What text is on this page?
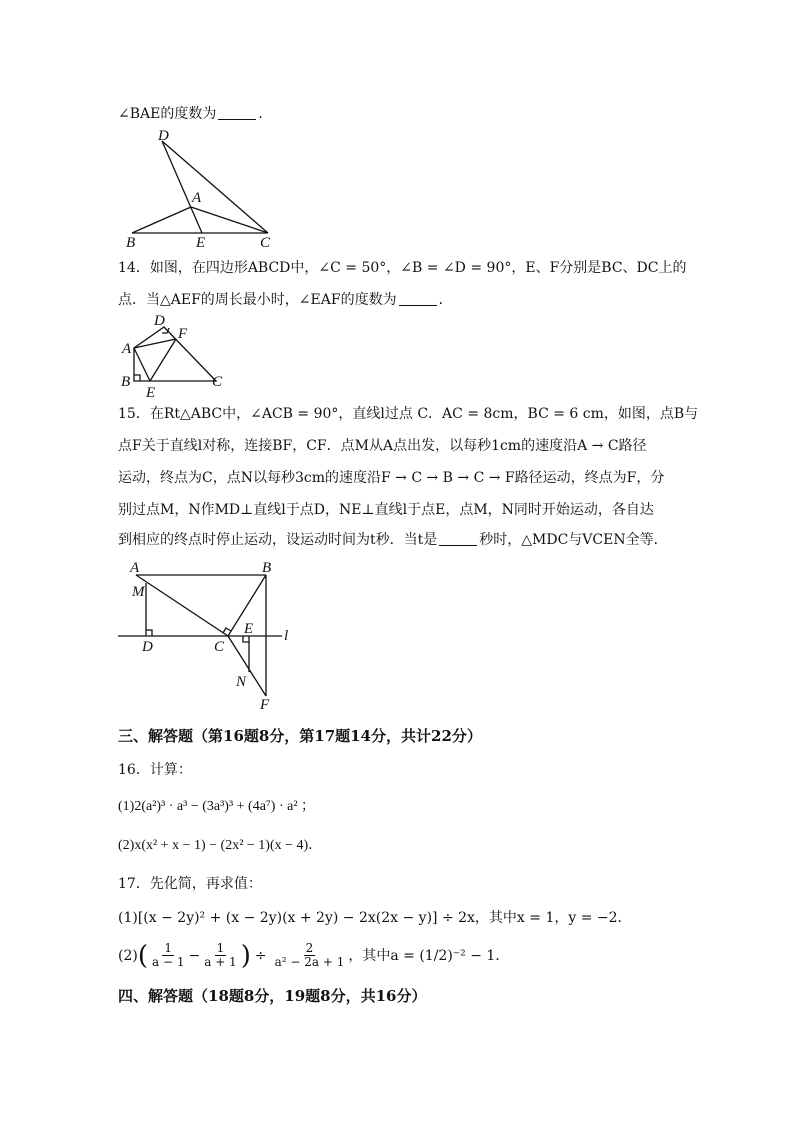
∠BAE的度数为	.
D
A
B	E	C
14．如图，在四边形ABCD中，∠C = 50°，∠B = ∠D = 90°，E、F分别是BC、DC上的
点．当△AEF的周长最小时，∠EAF的度数为	．
D
F
A
B
E
C
15．在Rt△ABC中，∠ACB = 90°，直线l过点 C．AC = 8cm，BC = 6 cm，如图，点B与
点F关于直线l对称，连接BF，CF．点M从A点出发，以每秒1cm的速度沿A → C路径
运动，终点为C，点N以每秒3cm的速度沿F → C → B → C → F路径运动，终点为F，分
别过点M，N作MD⊥直线l于点D，NE⊥直线l于点E，点M，N同时开始运动，各自达
到相应的终点时停止运动，设运动时间为t秒．当t是	秒时，△MDC与VCEN全等．
A	B
M
E l
D	C
N
F
三、解答题（第16题8分，第17题14分，共计22分）
16．计算：
(1)2(a²)³ · a³ − (3a³)³ + (4a⁷) · a² ；
(2)x(x² + x − 1) − (2x² − 1)(x − 4)．
17．先化简，再求值：
(1)[(x − 2y)² + (x − 2y)(x + 2y) − 2x(2x − y)] ÷ 2x，其中x = 1，y = −2．
(2) ( $\frac{1}{a - 1} - \frac{1}{a + 1}$ ) ÷ $\frac{2}{\text{a² − 2a + 1}}$ ，其中a = (1/2)⁻² − 1．
四、解答题（18题8分，19题8分，共16分）
